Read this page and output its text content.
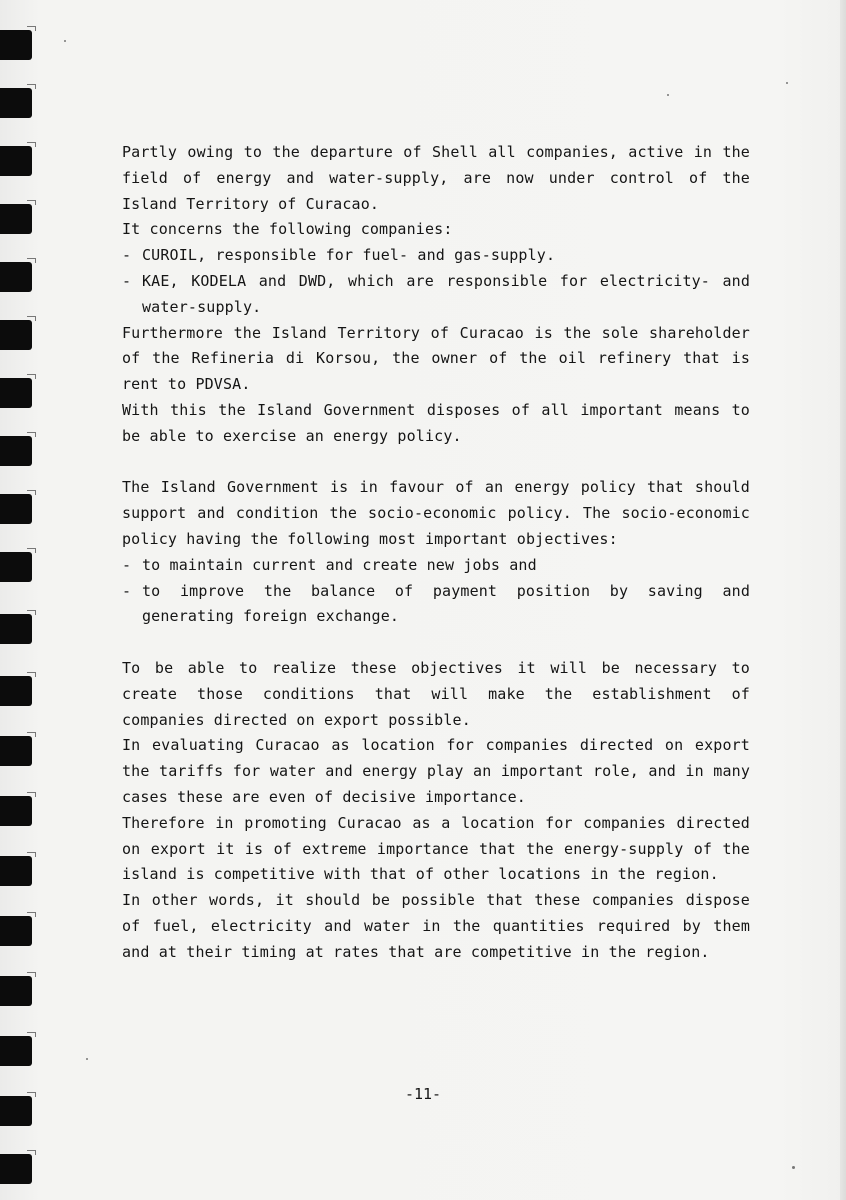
Partly owing to the departure of Shell all companies, active in the field of energy and water-supply, are now under control of the Island Territory of Curacao.

It concerns the following companies:

- CUROIL, responsible for fuel- and gas-supply.
- KAE, KODELA and DWD, which are responsible for electricity- and water-supply.

Furthermore the Island Territory of Curacao is the sole shareholder of the Refineria di Korsou, the owner of the oil refinery that is rent to PDVSA.

With this the Island Government disposes of all important means to be able to exercise an energy policy.

The Island Government is in favour of an energy policy that should support and condition the socio-economic policy. The socio-economic policy having the following most important objectives:

- to maintain current and create new jobs and
- to improve the balance of payment position by saving and generating foreign exchange.

To be able to realize these objectives it will be necessary to create those conditions that will make the establishment of companies directed on export possible.

In evaluating Curacao as location for companies directed on export the tariffs for water and energy play an important role, and in many cases these are even of decisive importance.

Therefore in promoting Curacao as a location for companies directed on export it is of extreme importance that the energy-supply of the island is competitive with that of other locations in the region.

In other words, it should be possible that these companies dispose of fuel, electricity and water in the quantities required by them and at their timing at rates that are competitive in the region.

-11-
